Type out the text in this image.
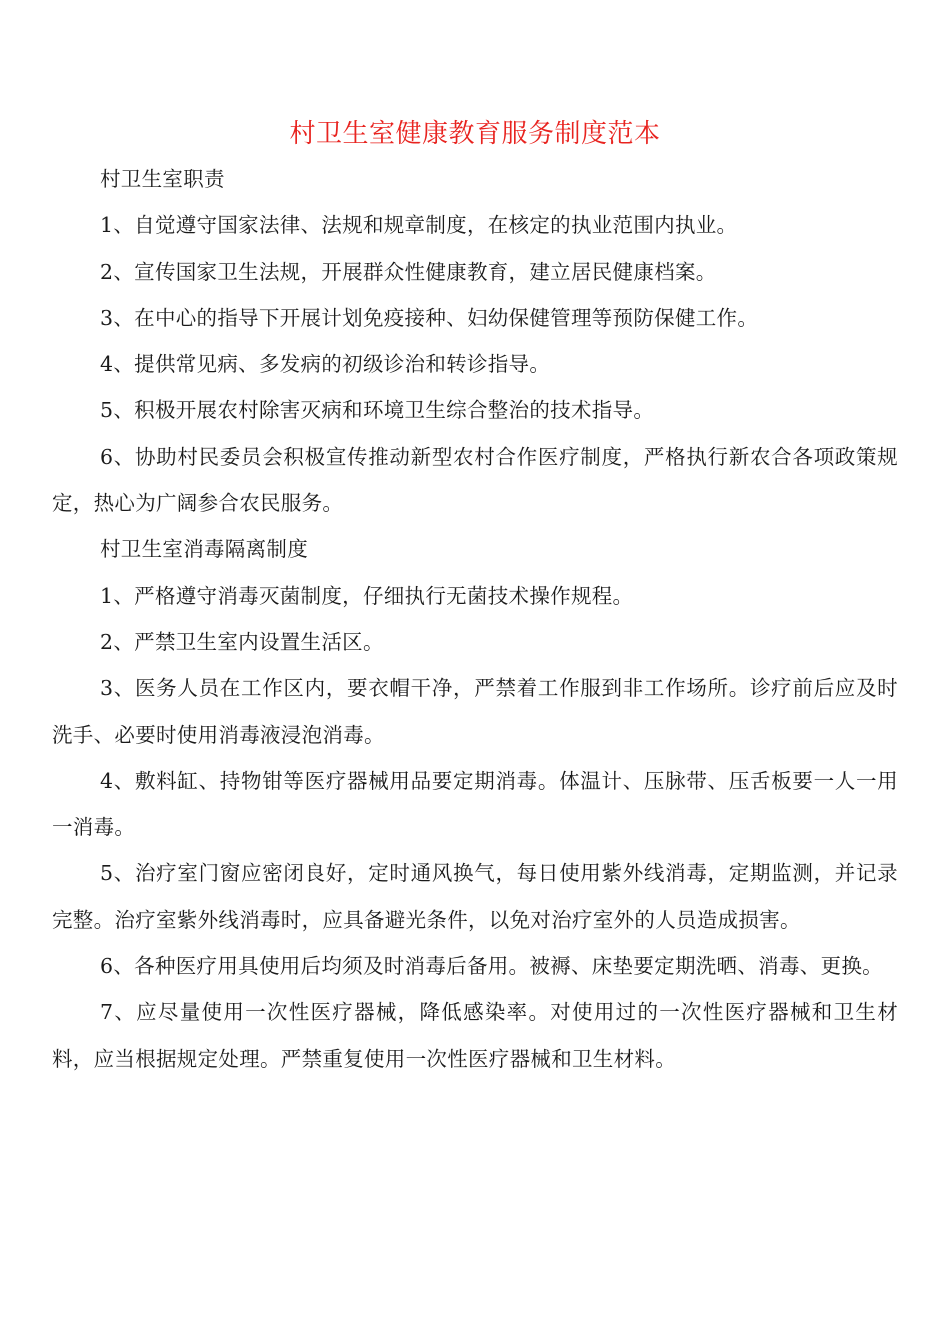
村卫生室健康教育服务制度范本

村卫生室职责

1、自觉遵守国家法律、法规和规章制度，在核定的执业范围内执业。

2、宣传国家卫生法规，开展群众性健康教育，建立居民健康档案。

3、在中心的指导下开展计划免疫接种、妇幼保健管理等预防保健工作。

4、提供常见病、多发病的初级诊治和转诊指导。

5、积极开展农村除害灭病和环境卫生综合整治的技术指导。

6、协助村民委员会积极宣传推动新型农村合作医疗制度，严格执行新农合各项政策规定，热心为广阔参合农民服务。

村卫生室消毒隔离制度

1、严格遵守消毒灭菌制度，仔细执行无菌技术操作规程。

2、严禁卫生室内设置生活区。

3、医务人员在工作区内，要衣帽干净，严禁着工作服到非工作场所。诊疗前后应及时洗手、必要时使用消毒液浸泡消毒。

4、敷料缸、持物钳等医疗器械用品要定期消毒。体温计、压脉带、压舌板要一人一用一消毒。

5、治疗室门窗应密闭良好，定时通风换气，每日使用紫外线消毒，定期监测，并记录完整。治疗室紫外线消毒时，应具备避光条件，以免对治疗室外的人员造成损害。

6、各种医疗用具使用后均须及时消毒后备用。被褥、床垫要定期洗晒、消毒、更换。

7、应尽量使用一次性医疗器械，降低感染率。对使用过的一次性医疗器械和卫生材料，应当根据规定处理。严禁重复使用一次性医疗器械和卫生材料。
